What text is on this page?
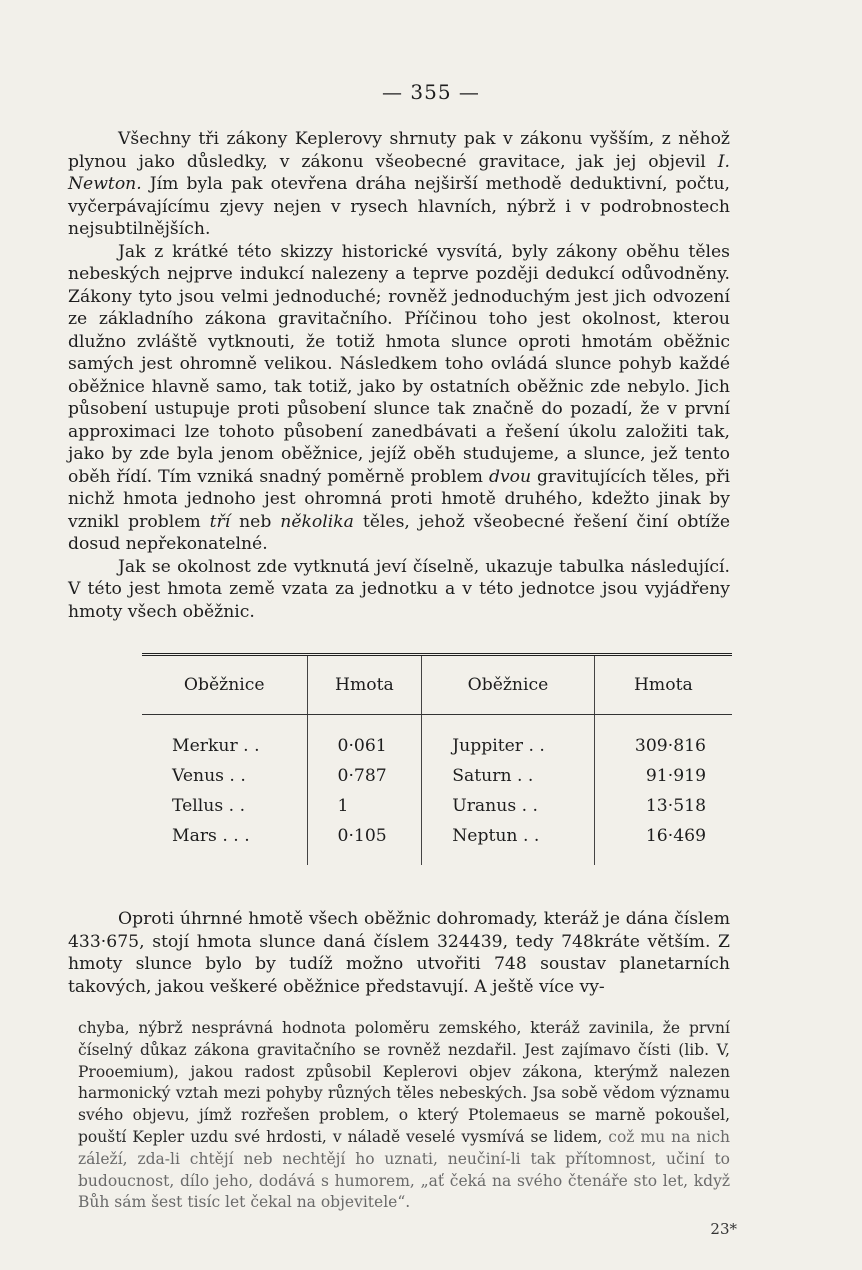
— 355 —

Všechny tři zákony Keplerovy shrnuty pak v zákonu vyšším, z něhož plynou jako důsledky, v zákonu všeobecné gravitace, jak jej objevil I. Newton. Jím byla pak otevřena dráha nejširší methodě deduktivní, počtu, vyčerpávajícímu zjevy nejen v rysech hlavních, nýbrž i v podrobnostech nejsubtilnějších.

Jak z krátké této skizzy historické vysvítá, byly zákony oběhu těles nebeských nejprve indukcí nalezeny a teprve později dedukcí odůvodněny. Zákony tyto jsou velmi jednoduché; rovněž jednoduchým jest jich odvození ze základního zákona gravitačního. Příčinou toho jest okolnost, kterou dlužno zvláště vytknouti, že totiž hmota slunce oproti hmotám oběžnic samých jest ohromně velikou. Následkem toho ovládá slunce pohyb každé oběžnice hlavně samo, tak totiž, jako by ostatních oběžnic zde nebylo. Jich působení ustupuje proti působení slunce tak značně do pozadí, že v první approximaci lze tohoto působení zanedbávati a řešení úkolu založiti tak, jako by zde byla jenom oběžnice, jejíž oběh studujeme, a slunce, jež tento oběh řídí. Tím vzniká snadný poměrně problem dvou gravitujících těles, při nichž hmota jednoho jest ohromná proti hmotě druhého, kdežto jinak by vznikl problem tří neb několika těles, jehož všeobecné řešení činí obtíže dosud nepřekonatelné.

Jak se okolnost zde vytknutá jeví číselně, ukazuje tabulka následující. V této jest hmota země vzata za jednotku a v této jednotce jsou vyjádřeny hmoty všech oběžnic.

Oběžnice	Hmota	Oběžnice	Hmota
Merkur . .	0·061	Juppiter . .	309·816
Venus . .	0·787	Saturn . .	91·919
Tellus . .	1	Uranus . .	13·518
Mars . . .	0·105	Neptun . .	16·469

Oproti úhrnné hmotě všech oběžnic dohromady, kteráž je dána číslem 433·675, stojí hmota slunce daná číslem 324439, tedy 748kráte větším. Z hmoty slunce bylo by tudíž možno utvořiti 748 soustav planetarních takových, jakou veškeré oběžnice představují. A ještě více vy-

chyba, nýbrž nesprávná hodnota poloměru zemského, kteráž zavinila, že první číselný důkaz zákona gravitačního se rovněž nezdařil. Jest zajímavo čísti (lib. V, Prooemium), jakou radost způsobil Keplerovi objev zákona, kterýmž nalezen harmonický vztah mezi pohyby různých těles nebeských. Jsa sobě vědom významu svého objevu, jímž rozřešen problem, o který Ptolemaeus se marně pokoušel, pouští Kepler uzdu své hrdosti, v náladě veselé vysmívá se lidem, což mu na nich záleží, zda-li chtějí neb nechtějí ho uznati, neučiní-li tak přítomnost, učiní to budoucnost, dílo jeho, dodává s humorem, „ať čeká na svého čtenáře sto let, když Bůh sám šest tisíc let čekal na objevitele“.

23*
